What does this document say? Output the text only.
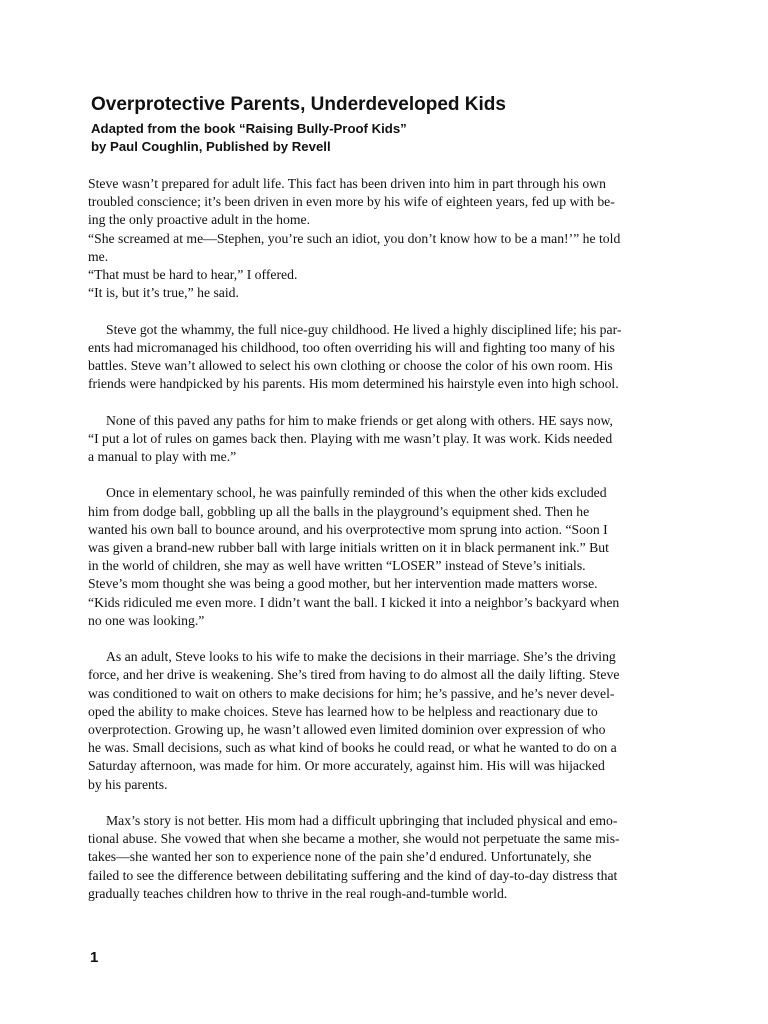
Overprotective Parents, Underdeveloped Kids

Adapted from the book “Raising Bully-Proof Kids”

by Paul Coughlin, Published by Revell

Steve wasn’t prepared for adult life. This fact has been driven into him in part through his own
troubled conscience; it’s been driven in even more by his wife of eighteen years, fed up with be-
ing the only proactive adult in the home.
“She screamed at me—Stephen, you’re such an idiot, you don’t know how to be a man!’” he told
me.
“That must be hard to hear,” I offered.
“It is, but it’s true,” he said.

Steve got the whammy, the full nice-guy childhood. He lived a highly disciplined life; his par-
ents had micromanaged his childhood, too often overriding his will and fighting too many of his
battles. Steve wan’t allowed to select his own clothing or choose the color of his own room. His
friends were handpicked by his parents. His mom determined his hairstyle even into high school.

None of this paved any paths for him to make friends or get along with others. HE says now,
“I put a lot of rules on games back then. Playing with me wasn’t play. It was work. Kids needed
a manual to play with me.”

Once in elementary school, he was painfully reminded of this when the other kids excluded
him from dodge ball, gobbling up all the balls in the playground’s equipment shed. Then he
wanted his own ball to bounce around, and his overprotective mom sprung into action. “Soon I
was given a brand-new rubber ball with large initials written on it in black permanent ink.” But
in the world of children, she may as well have written “LOSER” instead of Steve’s initials.
Steve’s mom thought she was being a good mother, but her intervention made matters worse.
“Kids ridiculed me even more. I didn’t want the ball. I kicked it into a neighbor’s backyard when
no one was looking.”

As an adult, Steve looks to his wife to make the decisions in their marriage. She’s the driving
force, and her drive is weakening. She’s tired from having to do almost all the daily lifting. Steve
was conditioned to wait on others to make decisions for him; he’s passive, and he’s never devel-
oped the ability to make choices. Steve has learned how to be helpless and reactionary due to
overprotection. Growing up, he wasn’t allowed even limited dominion over expression of who
he was. Small decisions, such as what kind of books he could read, or what he wanted to do on a
Saturday afternoon, was made for him. Or more accurately, against him. His will was hijacked
by his parents.

Max’s story is not better. His mom had a difficult upbringing that included physical and emo-
tional abuse. She vowed that when she became a mother, she would not perpetuate the same mis-
takes—she wanted her son to experience none of the pain she’d endured. Unfortunately, she
failed to see the difference between debilitating suffering and the kind of day-to-day distress that
gradually teaches children how to thrive in the real rough-and-tumble world.

1
